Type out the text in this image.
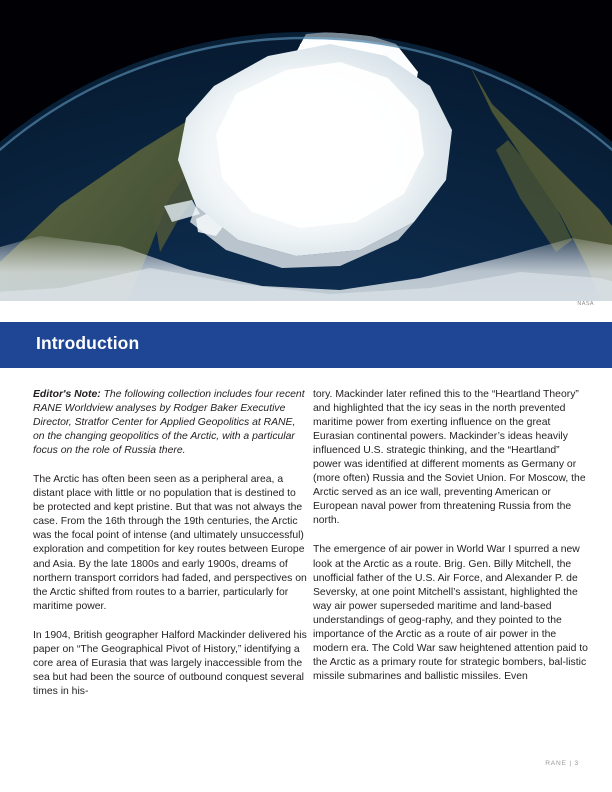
NASA
Introduction

Editor's Note: The following collection includes four recent RANE Worldview analyses by Rodger Baker Executive Director, Stratfor Center for Applied Geopolitics at RANE, on the changing geopolitics of the Arctic, with a particular focus on the role of Russia there.

The Arctic has often been seen as a peripheral area, a distant place with little or no population that is destined to be protected and kept pristine. But that was not always the case. From the 16th through the 19th centuries, the Arctic was the focal point of intense (and ultimately unsuccessful) exploration and competition for key routes between Europe and Asia. By the late 1800s and early 1900s, dreams of northern transport corridors had faded, and perspectives on the Arctic shifted from routes to a barrier, particularly for maritime power.

In 1904, British geographer Halford Mackinder delivered his paper on “The Geographical Pivot of History,” identifying a core area of Eurasia that was largely inaccessible from the sea but had been the source of outbound conquest several times in his-

tory. Mackinder later refined this to the “Heartland Theory” and highlighted that the icy seas in the north prevented maritime power from exerting influence on the great Eurasian continental powers. Mackinder’s ideas heavily influenced U.S. strategic thinking, and the “Heartland” power was identified at different moments as Germany or (more often) Russia and the Soviet Union. For Moscow, the Arctic served as an ice wall, preventing American or European naval power from threatening Russia from the north.

The emergence of air power in World War I spurred a new look at the Arctic as a route. Brig. Gen. Billy Mitchell, the unofficial father of the U.S. Air Force, and Alexander P. de Seversky, at one point Mitchell’s assistant, highlighted the way air power superseded maritime and land-based understandings of geog-raphy, and they pointed to the importance of the Arctic as a route of air power in the modern era. The Cold War saw heightened attention paid to the Arctic as a primary route for strategic bombers, bal-listic missile submarines and ballistic missiles. Even

RANE | 3
